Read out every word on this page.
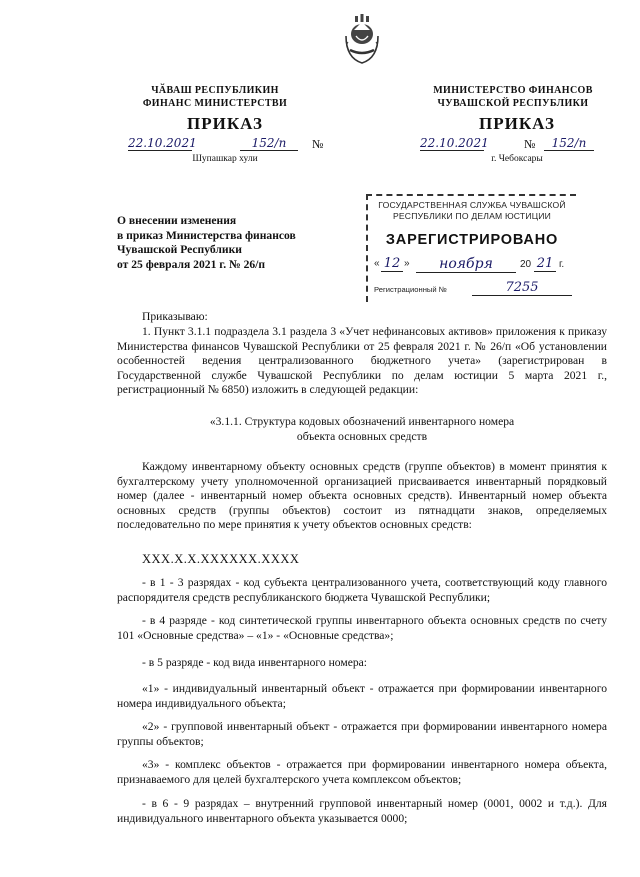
ЧӐВАШ РЕСПУБЛИКИН
ФИНАНС МИНИСТЕРСТВИ
МИНИСТЕРСТВО ФИНАНСОВ
ЧУВАШСКОЙ РЕСПУБЛИКИ
ПРИКАЗ	ПРИКАЗ
22.10.2021	152/п	№
Шупашкар хули
22.10.2021	№	152/п
г. Чебоксары
О внесении изменения
в приказ Министерства финансов
Чувашской Республики
от 25 февраля 2021 г. № 26/п
ГОСУДАРСТВЕННАЯ СЛУЖБА ЧУВАШСКОЙ
РЕСПУБЛИКИ ПО ДЕЛАМ ЮСТИЦИИ
ЗАРЕГИСТРИРОВАНО
« 12 »	ноября	20 21 г.
Регистрационный №	7255
Приказываю:
1. Пункт 3.1.1 подраздела 3.1 раздела 3 «Учет нефинансовых активов» приложения к приказу Министерства финансов Чувашской Республики от 25 февраля 2021 г. № 26/п «Об установлении особенностей ведения централизованного бюджетного учета» (зарегистрирован в Государственной службе Чувашской Республики по делам юстиции 5 марта 2021 г., регистрационный № 6850) изложить в следующей редакции:
«3.1.1. Структура кодовых обозначений инвентарного номера
объекта основных средств
Каждому инвентарному объекту основных средств (группе объектов) в момент принятия к бухгалтерскому учету уполномоченной организацией присваивается инвентарный порядковый номер (далее - инвентарный номер объекта основных средств). Инвентарный номер объекта основных средств (группы объектов) состоит из пятнадцати знаков, определяемых последовательно по мере принятия к учету объектов основных средств:
XXX.X.X.XXXXXX.XXXX
- в 1 - 3 разрядах - код субъекта централизованного учета, соответствующий коду главного распорядителя средств республиканского бюджета Чувашской Республики;
- в 4 разряде - код синтетической группы инвентарного объекта основных средств по счету 101 «Основные средства» – «1» - «Основные средства»;
- в 5 разряде - код вида инвентарного номера:
«1» - индивидуальный инвентарный объект - отражается при формировании инвентарного номера индивидуального объекта;
«2» - групповой инвентарный объект - отражается при формировании инвентарного номера группы объектов;
«3» - комплекс объектов - отражается при формировании инвентарного номера объекта, признаваемого для целей бухгалтерского учета комплексом объектов;
- в 6 - 9 разрядах – внутренний групповой инвентарный номер (0001, 0002 и т.д.). Для индивидуального инвентарного объекта указывается 0000;
